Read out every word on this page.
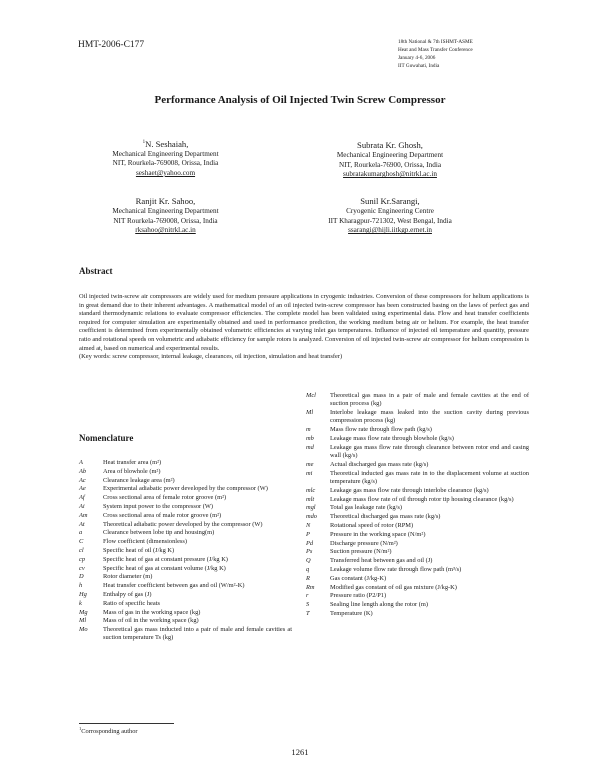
HMT-2006-C177	18th National & 7th ISHMT-ASME
Heat and Mass Transfer Conference
January 4-6, 2006
IIT Guwahati, India
Performance Analysis of Oil Injected Twin Screw Compressor
$^1$N. Seshaiah,
Mechanical Engineering Department
NIT, Rourkela-769008, Orissa, India
seshaet@yahoo.com
Subrata Kr. Ghosh,
Mechanical Engineering Department
NIT, Rourkela-76900, Orissa, India
subratakumarghosh@nitrkl.ac.in
Ranjit Kr. Sahoo,
Mechanical Engineering Department
NIT Rourkela-769008, Orissa, India
rksahoo@nitrkl.ac.in
Sunil Kr.Sarangi,
Cryogenic Engineering Centre
IIT Kharagpur-721302, West Bengal, India
ssarangi@hijli.iitkgp.ernet.in
Abstract

Oil injected twin-screw air compressors are widely used for medium pressure applications in cryogenic industries. Conversion of these compressors for helium applications is in great demand due to their inherent advantages. A mathematical model of an oil injected twin-screw compressor has been constructed basing on the laws of perfect gas and standard thermodynamic relations to evaluate compressor efficiencies. The complete model has been validated using experimental data. Flow and heat transfer coefficients required for computer simulation are experimentally obtained and used in performance prediction, the working medium being air or helium. For example, the heat transfer coefficient is determined from experimentally obtained volumetric efficiencies at varying inlet gas temperatures. Influence of injected oil temperature and quantity, pressure ratio and rotational speeds on volumetric and adiabatic efficiency for sample rotors is analyzed. Conversion of oil injected twin-screw air compressor for helium compression is aimed at, based on numerical and experimental results.

(Key words: screw compressor, internal leakage, clearances, oil injection, simulation and heat transfer)

Nomenclature
A	Heat transfer area (m²)
Ab	Area of blowhole (m²)
Ac	Clearance leakage area (m²)
Ae	Experimental adiabatic power developed by the compressor (W)
Af	Cross sectional area of female rotor groove (m²)
Ai	System input power to the compressor (W)
Am	Cross sectional area of male rotor groove (m²)
At	Theoretical adiabatic power developed by the compressor (W)
a	Clearance between lobe tip and housing(m)
C	Flow coefficient (dimensionless)
cl	Specific heat of oil (J/kg K)
cp	Specific heat of gas at constant pressure (J/kg K)
cv	Specific heat of gas at constant volume (J/kg K)
D	Rotor diameter (m)
h	Heat transfer coefficient between gas and oil (W/m²-K)
Hg	Enthalpy of gas (J)
k	Ratio of specific heats
Mg	Mass of gas in the working space (kg)
Ml	Mass of oil in the working space (kg)
Mo	Theoretical gas mass inducted into a pair of male and female cavities at suction temperature Ts (kg)
Mcl	Theoretical gas mass in a pair of male and female cavities at the end of suction process (kg)
Ml	Interlobe leakage mass leaked into the suction cavity during previous compression process (kg)
m	Mass flow rate through flow path (kg/s)
mb	Leakage mass flow rate through blowhole (kg/s)
md	Leakage gas mass flow rate through clearance between rotor end and casing wall (kg/s)
me	Actual discharged gas mass rate (kg/s)
mi	Theoretical inducted gas mass rate in to the displacement volume at suction temperature (kg/s)
mlc	Leakage gas mass flow rate through interlobe clearance (kg/s)
mlt	Leakage mass flow rate of oil through rotor tip housing clearance (kg/s)
mgl	Total gas leakage rate (kg/s)
mdo	Theoretical discharged gas mass rate (kg/s)
N	Rotational speed of rotor (RPM)
P	Pressure in the working space (N/m²)
Pd	Discharge pressure (N/m²)
Ps	Suction pressure (N/m²)
Q	Transferred heat between gas and oil (J)
q	Leakage volume flow rate through flow path (m³/s)
R	Gas constant (J/kg-K)
Rm	Modified gas constant of oil gas mixture (J/kg-K)
r	Pressure ratio (P2/P1)
S	Sealing line length along the rotor (m)
T	Temperature (K)
$^1$Corrosponding author
1261
